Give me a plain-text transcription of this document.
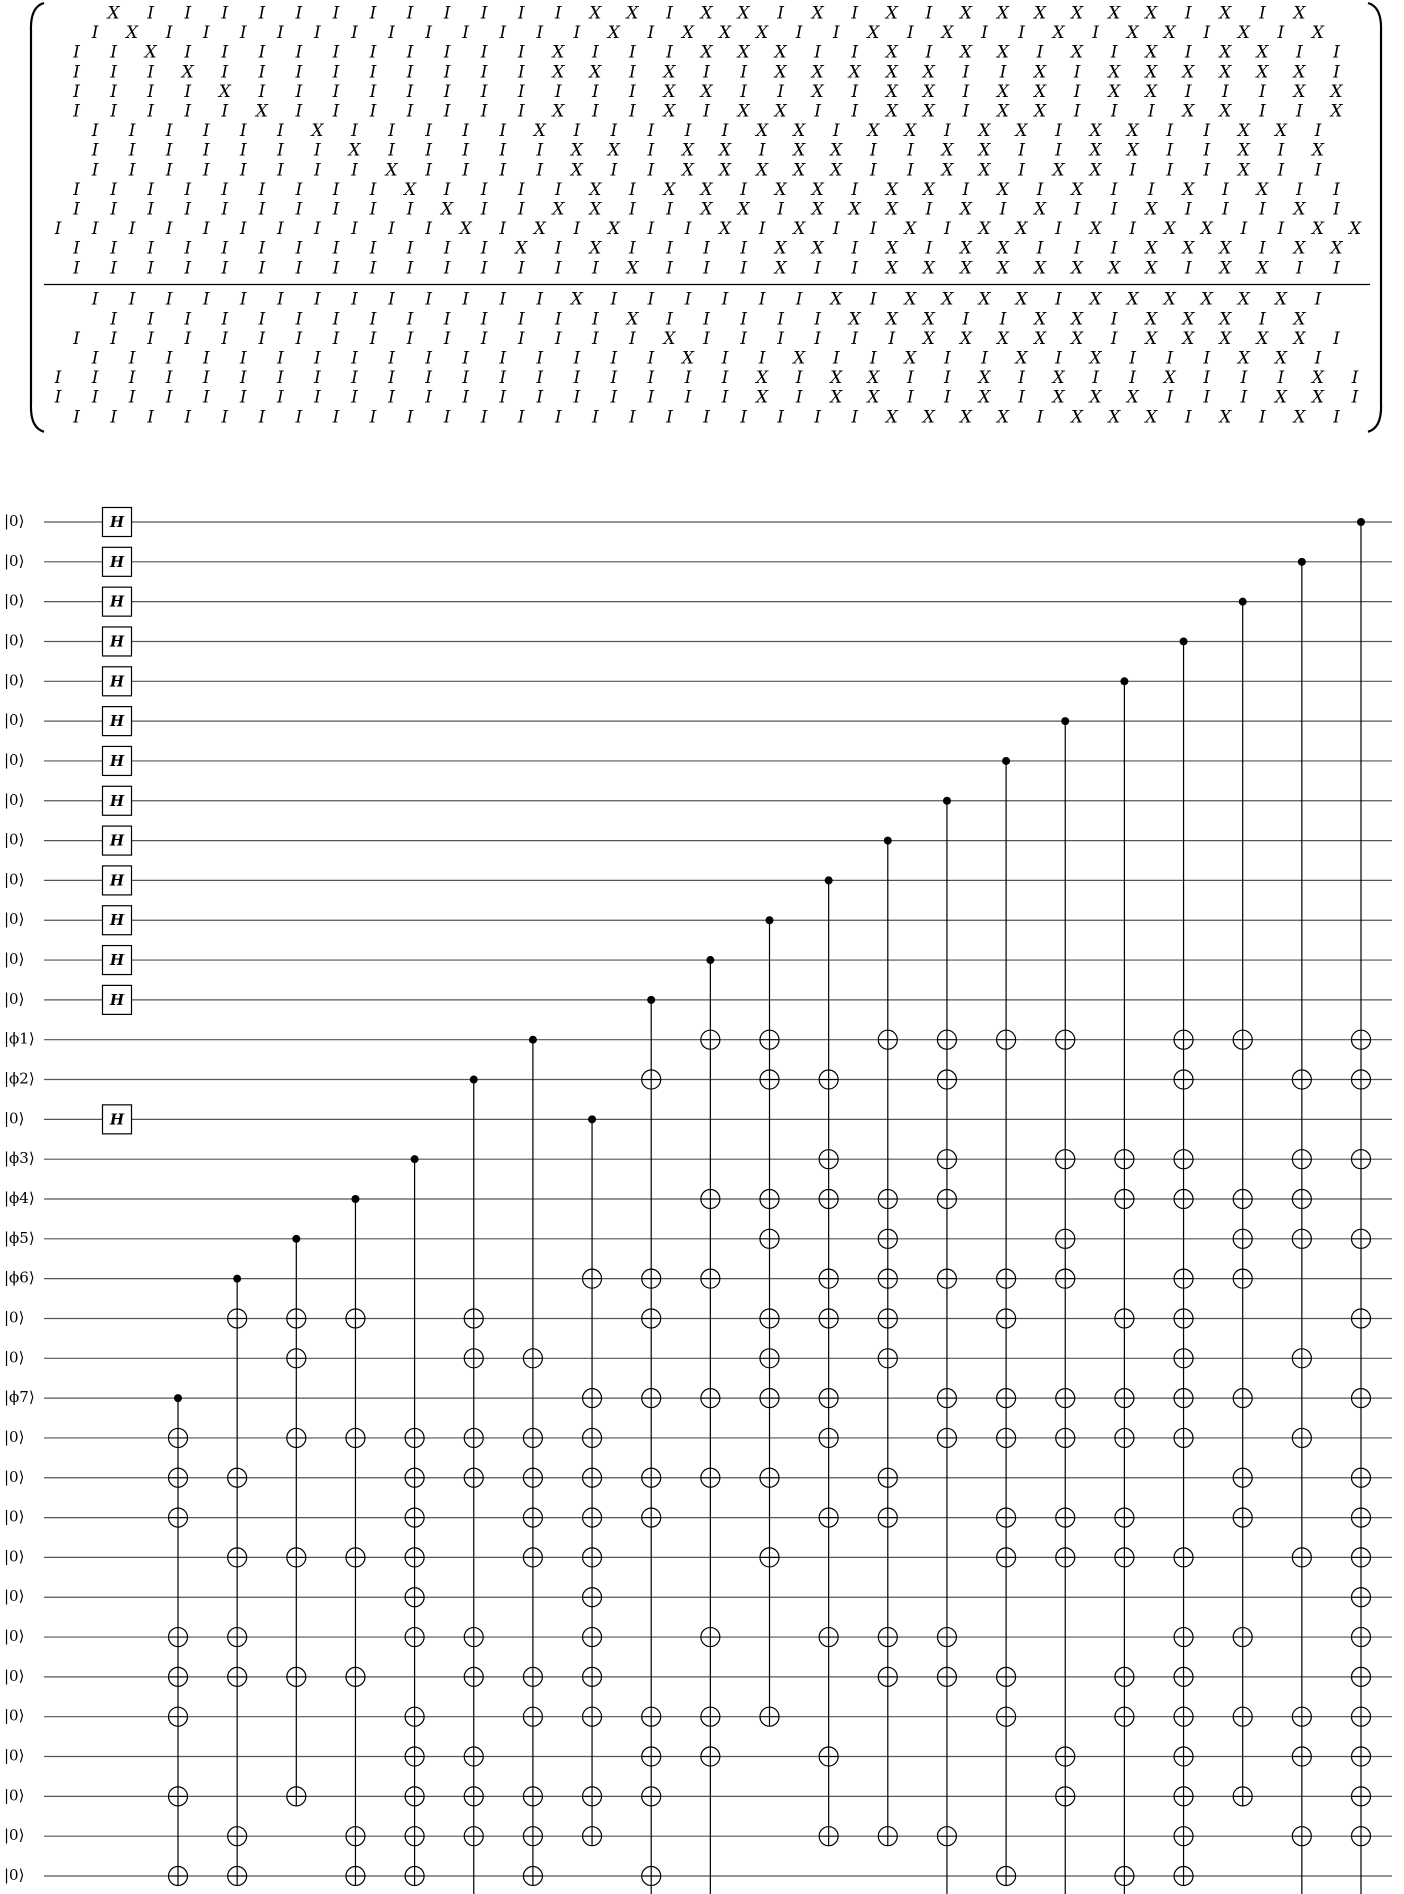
X I I I I I I I I I I I I X X I X X I X I X I X X X X X X I X I X
I X I I I I I I I I I I I I X I X X X I I X I X I I X I X X I X I X
I I X I I I I I I I I I I X I I I X X X I I X I X X I X I X I X X I I
I I I X I I I I I I I I I X X I X I I X X X X X I I X I X X X X X X I
I I I I X I I I I I I I I I I I X X I I X I X X I X X I X X I I I X X
I I I I I X I I I I I I I X I I X I X X I I X X I X X I I I X X I I X
I I I I I I X I I I I I X I I I I I X X I X X I X X I X X I I X X I
I I I I I I I X I I I I I X X I X X I X X I I X X I I X X I I X I X
I I I I I I I I X I I I I X I I X X X X X I I X X I X X I I I X I I
I I I I I I I I I X I I I I X I X X I X X I X X I X I X I I X I X I I
I I I I I I I I I I X I I X X I I X X I X X X I X I X I I X I I I X I
I I I I I I I I I I I X I X I X I I X I X I I X I X X I X I X X I I X X
I I I I I I I I I I I I X I X I I I I X X I X I X X I I I X X X I X X
I I I I I I I I I I I I I I I X I I I X I I X X X X X X X X I X X I I
I I I I I I I I I I I I I X I I I I I I X I X X X X I X X X X X X I
I I I I I I I I I I I I I I X I I I I I X X X I I X X I X X X I X
I I I I I I I I I I I I I I I I X I I I I I I X X X X X I X X X X X I
I I I I I I I I I I I I I I I I X I I X I I X I I X I X I I I X X I
I I I I I I I I I I I I I I I I I I I X I X X I I X I X I I X I I I X I
I I I I I I I I I I I I I I I I I I I X I X X I I X I X X X I I I X X I
I I I I I I I I I I I I I I I I I I I I I I X X X X I X X X I X I X I
|0⟩
|0⟩
|0⟩
|0⟩
|0⟩
|0⟩
|0⟩
|0⟩
|0⟩
|0⟩
|0⟩
|0⟩
|0⟩
|ϕ1⟩
|ϕ2⟩
|0⟩
|ϕ3⟩
|ϕ4⟩
|ϕ5⟩
|ϕ6⟩
|0⟩
|0⟩
|ϕ7⟩
|0⟩
|0⟩
|0⟩
|0⟩
|0⟩
|0⟩
|0⟩
|0⟩
|0⟩
|0⟩
|0⟩
|0⟩
H
H
H
H
H
H
H
H
H
H
H
H
H
H
